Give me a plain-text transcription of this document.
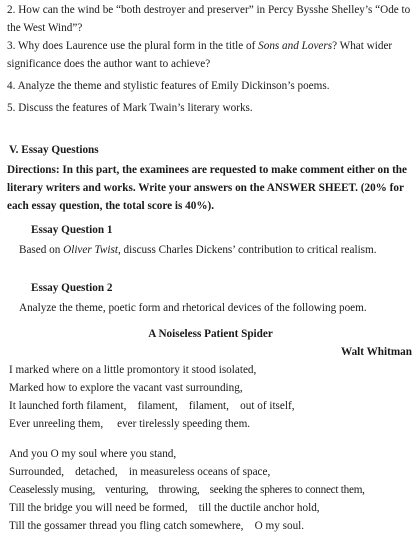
2. How can the wind be “both destroyer and preserver” in Percy Bysshe Shelley’s “Ode to the West Wind”?

3. Why does Laurence use the plural form in the title of Sons and Lovers? What wider significance does the author want to achieve?

4. Analyze the theme and stylistic features of Emily Dickinson’s poems.

5. Discuss the features of Mark Twain’s literary works.

V. Essay Questions

Directions: In this part, the examinees are requested to make comment either on the literary writers and works. Write your answers on the ANSWER SHEET. (20% for each essay question, the total score is 40%).

Essay Question 1
Based on Oliver Twist, discuss Charles Dickens’ contribution to critical realism.
Essay Question 2
Analyze the theme, poetic form and rhetorical devices of the following poem.
A Noiseless Patient Spider
Walt Whitman
I marked where on a little promontory it stood isolated,
Marked how to explore the vacant vast surrounding,
It launched forth filament,    filament,    filament,    out of itself,
Ever unreeling them,     ever tirelessly speeding them.
And you O my soul where you stand,
Surrounded,    detached,    in measureless oceans of space,
Ceaselessly musing,    venturing,    throwing,    seeking the spheres to connect them,
Till the bridge you will need be formed,    till the ductile anchor hold,
Till the gossamer thread you fling catch somewhere,    O my soul.
